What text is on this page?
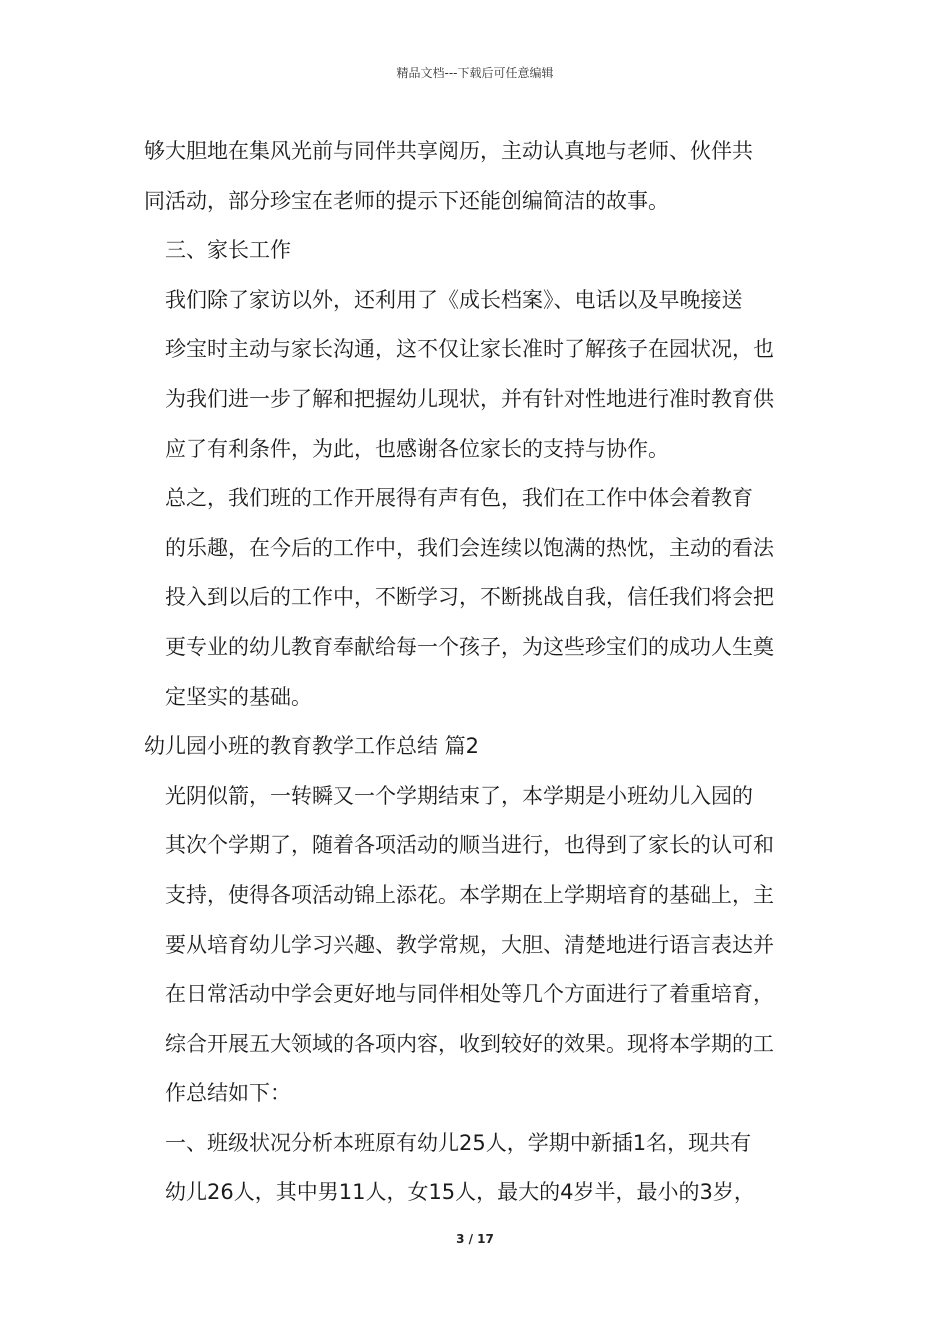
精品文档---下载后可任意编辑

够大胆地在集风光前与同伴共享阅历，主动认真地与老师、伙伴共
同活动，部分珍宝在老师的提示下还能创编简洁的故事。

三、家长工作

我们除了家访以外，还利用了《成长档案》、电话以及早晚接送
珍宝时主动与家长沟通，这不仅让家长准时了解孩子在园状况，也
为我们进一步了解和把握幼儿现状，并有针对性地进行准时教育供
应了有利条件，为此，也感谢各位家长的支持与协作。

总之，我们班的工作开展得有声有色，我们在工作中体会着教育
的乐趣，在今后的工作中，我们会连续以饱满的热忱，主动的看法
投入到以后的工作中，不断学习，不断挑战自我，信任我们将会把
更专业的幼儿教育奉献给每一个孩子，为这些珍宝们的成功人生奠
定坚实的基础。

幼儿园小班的教育教学工作总结 篇2

光阴似箭，一转瞬又一个学期结束了，本学期是小班幼儿入园的
其次个学期了，随着各项活动的顺当进行，也得到了家长的认可和
支持，使得各项活动锦上添花。本学期在上学期培育的基础上，主
要从培育幼儿学习兴趣、教学常规，大胆、清楚地进行语言表达并
在日常活动中学会更好地与同伴相处等几个方面进行了着重培育，
综合开展五大领域的各项内容，收到较好的效果。现将本学期的工
作总结如下：

一、班级状况分析本班原有幼儿25人，学期中新插1名，现共有
幼儿26人，其中男11人，女15人，最大的4岁半，最小的3岁，

3 / 17
